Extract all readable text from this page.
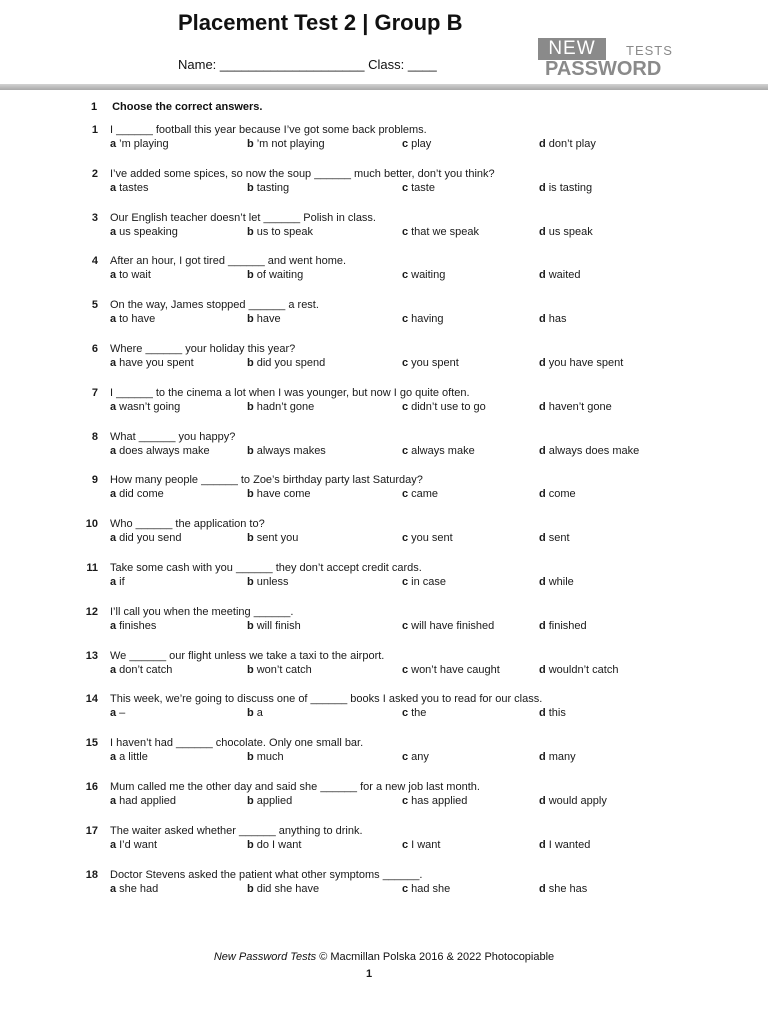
Placement Test 2 | Group B
Name: ____________________ Class: ____
NEW	TESTS
PASSWORD
1 Choose the correct answers.
1 I ______ football this year because I’ve got some back problems.
a ’m playing	b ’m not playing	c play	d don’t play
2 I’ve added some spices, so now the soup ______ much better, don’t you think?
a tastes	b tasting	c taste	d is tasting
3 Our English teacher doesn’t let ______ Polish in class.
a us speaking	b us to speak	c that we speak	d us speak
4 After an hour, I got tired ______ and went home.
a to wait	b of waiting	c waiting	d waited
5 On the way, James stopped ______ a rest.
a to have	b have	c having	d has
6 Where ______ your holiday this year?
a have you spent	b did you spend	c you spent	d you have spent
7 I ______ to the cinema a lot when I was younger, but now I go quite often.
a wasn’t going	b hadn’t gone	c didn’t use to go	d haven’t gone
8 What ______ you happy?
a does always make	b always makes	c always make	d always does make
9 How many people ______ to Zoe’s birthday party last Saturday?
a did come	b have come	c came	d come
10 Who ______ the application to?
a did you send	b sent you	c you sent	d sent
11 Take some cash with you ______ they don’t accept credit cards.
a if	b unless	c in case	d while
12 I’ll call you when the meeting ______.
a finishes	b will finish	c will have finished	d finished
13 We ______ our flight unless we take a taxi to the airport.
a don’t catch	b won’t catch	c won’t have caught	d wouldn’t catch
14 This week, we’re going to discuss one of ______ books I asked you to read for our class.
a –	b a	c the	d this
15 I haven’t had ______ chocolate. Only one small bar.
a a little	b much	c any	d many
16 Mum called me the other day and said she ______ for a new job last month.
a had applied	b applied	c has applied	d would apply
17 The waiter asked whether ______ anything to drink.
a I’d want	b do I want	c I want	d I wanted
18 Doctor Stevens asked the patient what other symptoms ______.
a she had	b did she have	c had she	d she has
New Password Tests © Macmillan Polska 2016 & 2022 Photocopiable
1
